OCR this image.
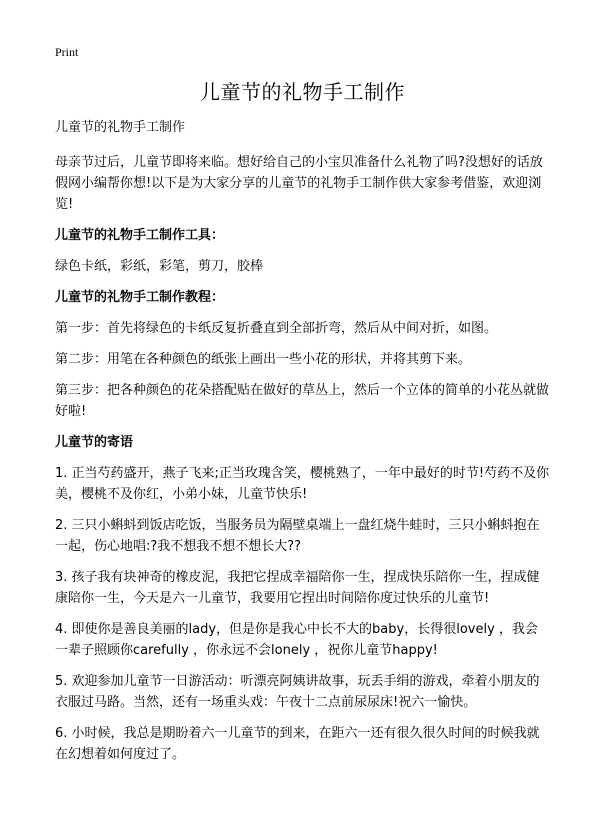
Print
儿童节的礼物手工制作

儿童节的礼物手工制作

母亲节过后，儿童节即将来临。想好给自己的小宝贝准备什么礼物了吗?没想好的话放假网小编帮你想!以下是为大家分享的儿童节的礼物手工制作供大家参考借鉴，欢迎浏览!

儿童节的礼物手工制作工具：

绿色卡纸，彩纸，彩笔，剪刀，胶棒

儿童节的礼物手工制作教程：

第一步：首先将绿色的卡纸反复折叠直到全部折弯，然后从中间对折，如图。

第二步：用笔在各种颜色的纸张上画出一些小花的形状，并将其剪下来。

第三步：把各种颜色的花朵搭配贴在做好的草丛上，然后一个立体的简单的小花丛就做好啦!

儿童节的寄语

1. 正当芍药盛开，燕子飞来;正当玫瑰含笑，樱桃熟了，一年中最好的时节!芍药不及你美，樱桃不及你红，小弟小妹，儿童节快乐!
2. 三只小蝌蚪到饭店吃饭，当服务员为隔壁桌端上一盘红烧牛蛙时，三只小蝌蚪抱在一起，伤心地唱:?我不想我不想不想长大??
3. 孩子我有块神奇的橡皮泥，我把它捏成幸福陪你一生，捏成快乐陪你一生，捏成健康陪你一生，今天是六一儿童节，我要用它捏出时间陪你度过快乐的儿童节!
4. 即使你是善良美丽的lady，但是你是我心中长不大的baby，长得很lovely ，我会一辈子照顾你carefully ，你永远不会lonely ，祝你儿童节happy!
5. 欢迎参加儿童节一日游活动：听漂亮阿姨讲故事，玩丢手绢的游戏，牵着小朋友的衣服过马路。当然，还有一场重头戏：午夜十二点前尿尿床!祝六一愉快。
6. 小时候，我总是期盼着六一儿童节的到来，在距六一还有很久很久时间的时候我就在幻想着如何度过了。
